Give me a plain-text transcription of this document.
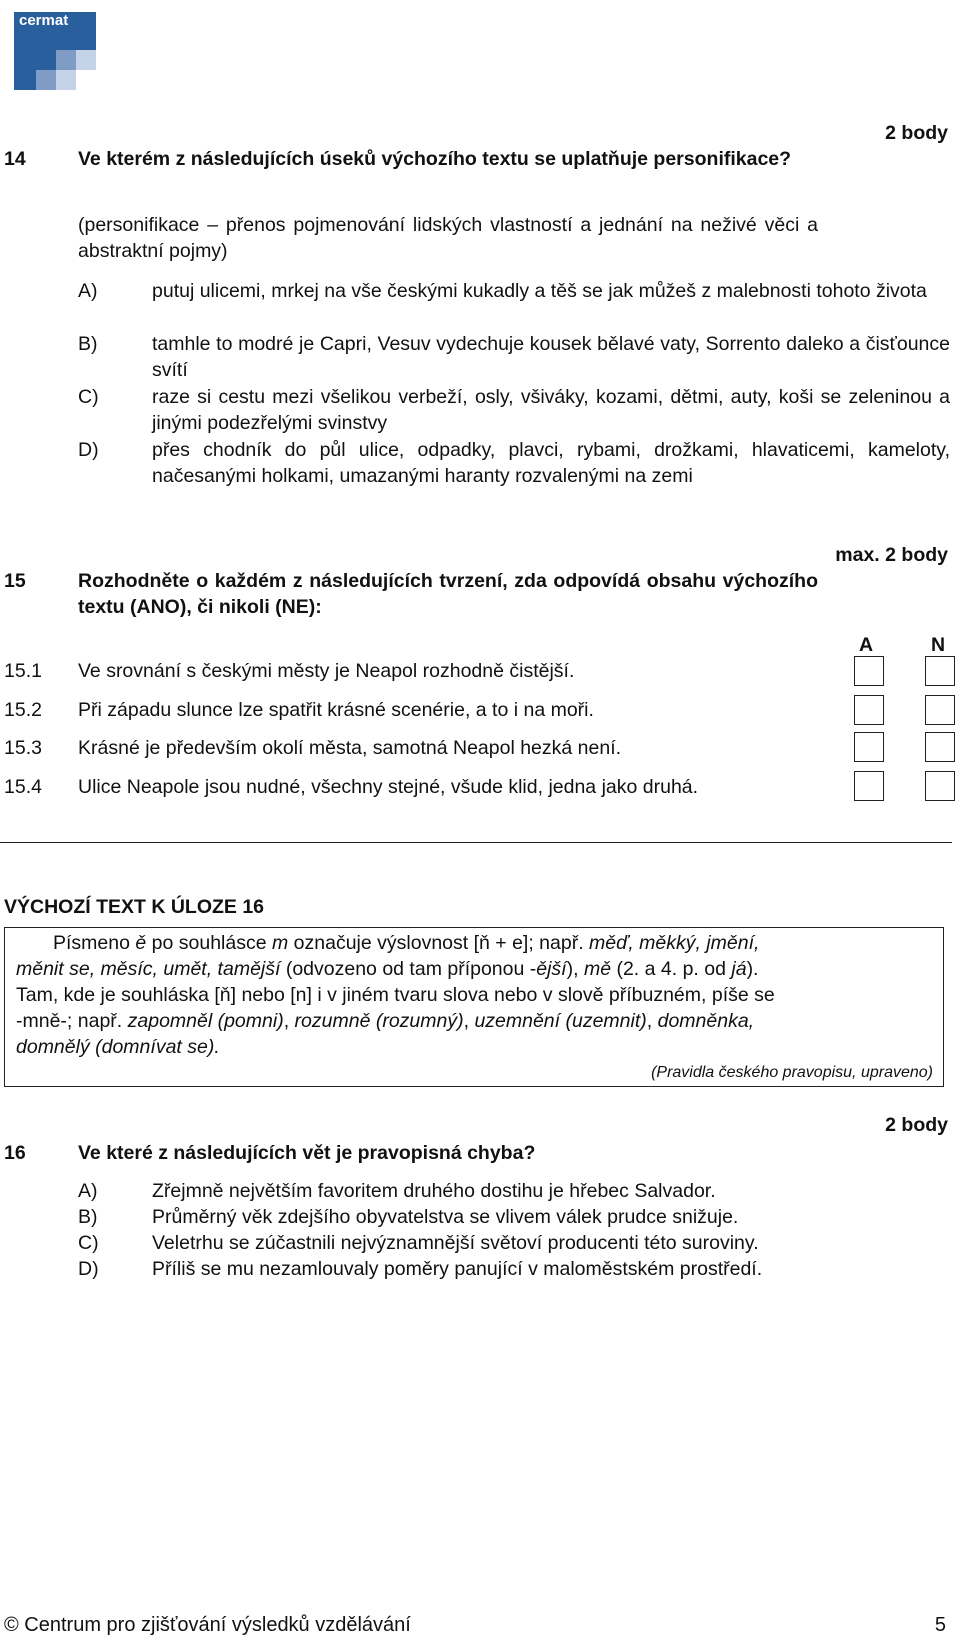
cermat
2 body
14	Ve kterém z následujících úseků výchozího textu se uplatňuje personifikace?
(personifikace – přenos pojmenování lidských vlastností a jednání na neživé věci a abstraktní pojmy)
A)	putuj ulicemi, mrkej na vše českými kukadly a těš se jak můžeš z malebnosti tohoto života
B)	tamhle to modré je Capri, Vesuv vydechuje kousek bělavé vaty, Sorrento daleko a čisťounce svítí
C)	raze si cestu mezi všelikou verbeží, osly, všiváky, kozami, dětmi, auty, koši se zeleninou a jinými podezřelými svinstvy
D)	přes chodník do půl ulice, odpadky, plavci, rybami, drožkami, hlavaticemi, kameloty, načesanými holkami, umazanými haranty rozvalenými na zemi
max. 2 body
15	Rozhodněte o každém z následujících tvrzení, zda odpovídá obsahu výchozího textu (ANO), či nikoli (NE):
A	N
15.1 Ve srovnání s českými městy je Neapol rozhodně čistější.
15.2 Při západu slunce lze spatřit krásné scenérie, a to i na moři.
15.3 Krásné je především okolí města, samotná Neapol hezká není.
15.4 Ulice Neapole jsou nudné, všechny stejné, všude klid, jedna jako druhá.
VÝCHOZÍ TEXT K ÚLOZE 16
Písmeno ě po souhlásce m označuje výslovnost [ň + e]; např. měď, měkký, jmění,
měnit se, měsíc, umět, tamější (odvozeno od tam příponou -ější), mě (2. a 4. p. od já).
Tam, kde je souhláska [ň] nebo [n] i v jiném tvaru slova nebo v slově příbuzném, píše se
-mně-; např. zapomněl (pomni), rozumně (rozumný), uzemnění (uzemnit), domněnka,
domnělý (domnívat se).
(Pravidla českého pravopisu, upraveno)
2 body
16	Ve které z následujících vět je pravopisná chyba?
A)	Zřejmně největším favoritem druhého dostihu je hřebec Salvador.
B)	Průměrný věk zdejšího obyvatelstva se vlivem válek prudce snižuje.
C)	Veletrhu se zúčastnili nejvýznamnější světoví producenti této suroviny.
D)	Příliš se mu nezamlouvaly poměry panující v maloměstském prostředí.
© Centrum pro zjišťování výsledků vzdělávání	5
